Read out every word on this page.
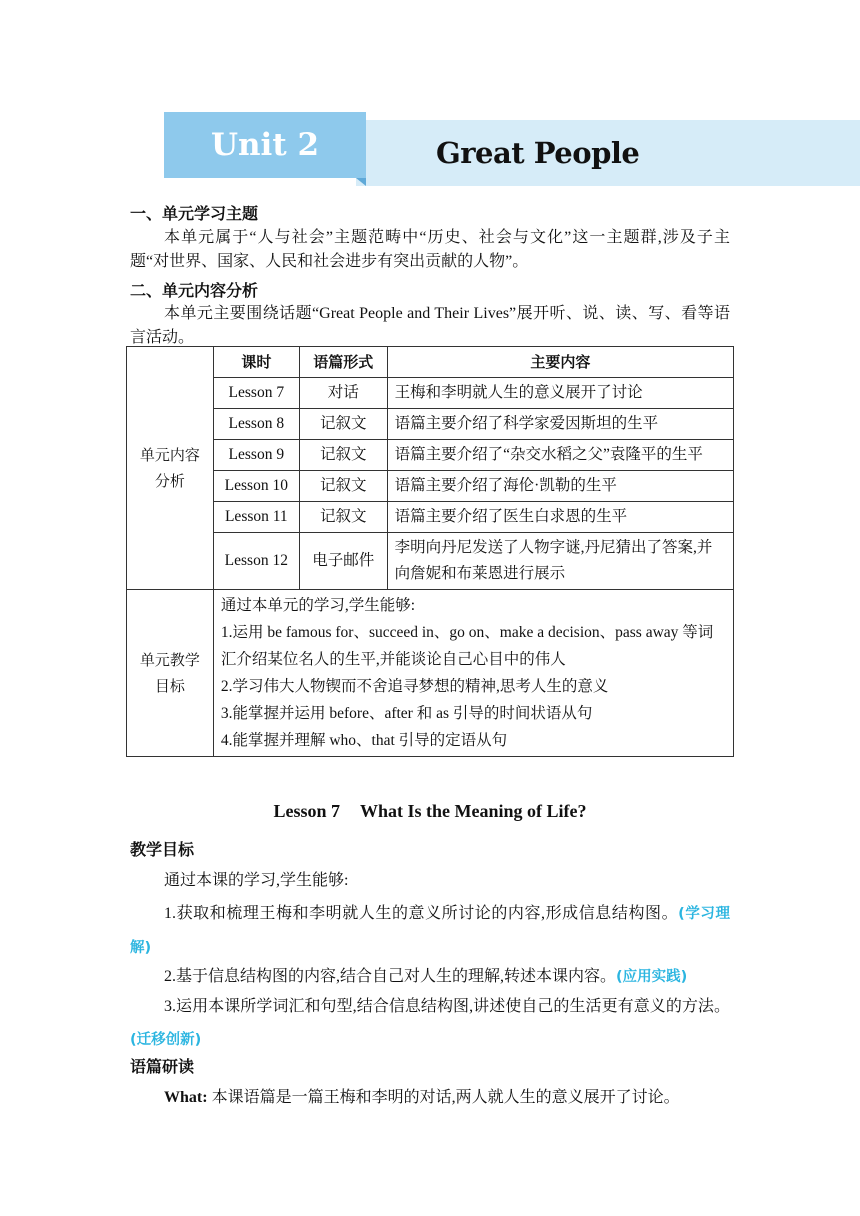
Unit 2	Great People
一、单元学习主题
本单元属于“人与社会”主题范畴中“历史、社会与文化”这一主题群,涉及子主题“对世界、国家、人民和社会进步有突出贡献的人物”。
二、单元内容分析
本单元主要围绕话题“Great People and Their Lives”展开听、说、读、写、看等语言活动。
单元内容分析	课时	语篇形式	主要内容
	Lesson 7	对话	王梅和李明就人生的意义展开了讨论
	Lesson 8	记叙文	语篇主要介绍了科学家爱因斯坦的生平
	Lesson 9	记叙文	语篇主要介绍了“杂交水稻之父”袁隆平的生平
	Lesson 10	记叙文	语篇主要介绍了海伦·凯勒的生平
	Lesson 11	记叙文	语篇主要介绍了医生白求恩的生平
	Lesson 12	电子邮件	李明向丹尼发送了人物字谜,丹尼猜出了答案,并向詹妮和布莱恩进行展示
单元教学目标	通过本单元的学习,学生能够:
1.运用 be famous for、succeed in、go on、make a decision、pass away 等词汇介绍某位名人的生平,并能谈论自己心目中的伟人
2.学习伟大人物锲而不舍追寻梦想的精神,思考人生的意义
3.能掌握并运用 before、after 和 as 引导的时间状语从句
4.能掌握并理解 who、that 引导的定语从句		
Lesson 7 What Is the Meaning of Life?
教学目标
通过本课的学习,学生能够:
1.获取和梳理王梅和李明就人生的意义所讨论的内容,形成信息结构图。(学习理解)
2.基于信息结构图的内容,结合自己对人生的理解,转述本课内容。(应用实践)
3.运用本课所学词汇和句型,结合信息结构图,讲述使自己的生活更有意义的方法。(迁移创新)
语篇研读
What: 本课语篇是一篇王梅和李明的对话,两人就人生的意义展开了讨论。
